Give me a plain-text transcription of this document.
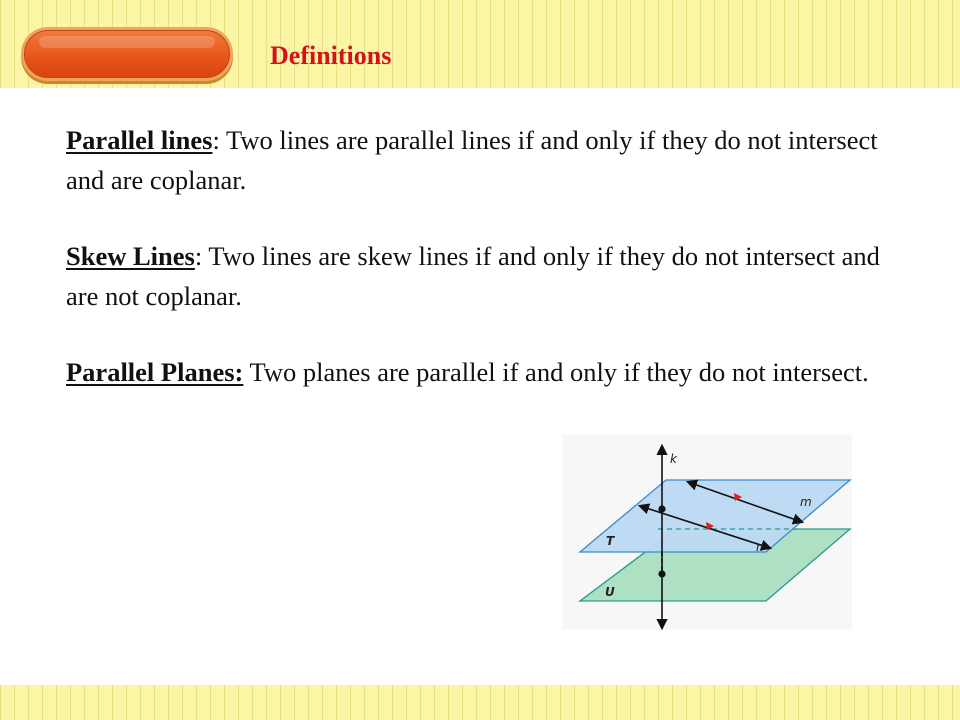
Definitions
Parallel lines: Two lines are parallel lines if and only if they do not intersect and are coplanar.
Skew Lines: Two lines are skew lines if and only if they do not intersect and are not coplanar.
Parallel Planes: Two planes are parallel if and only if they do not intersect.
k
m
n
T
U
